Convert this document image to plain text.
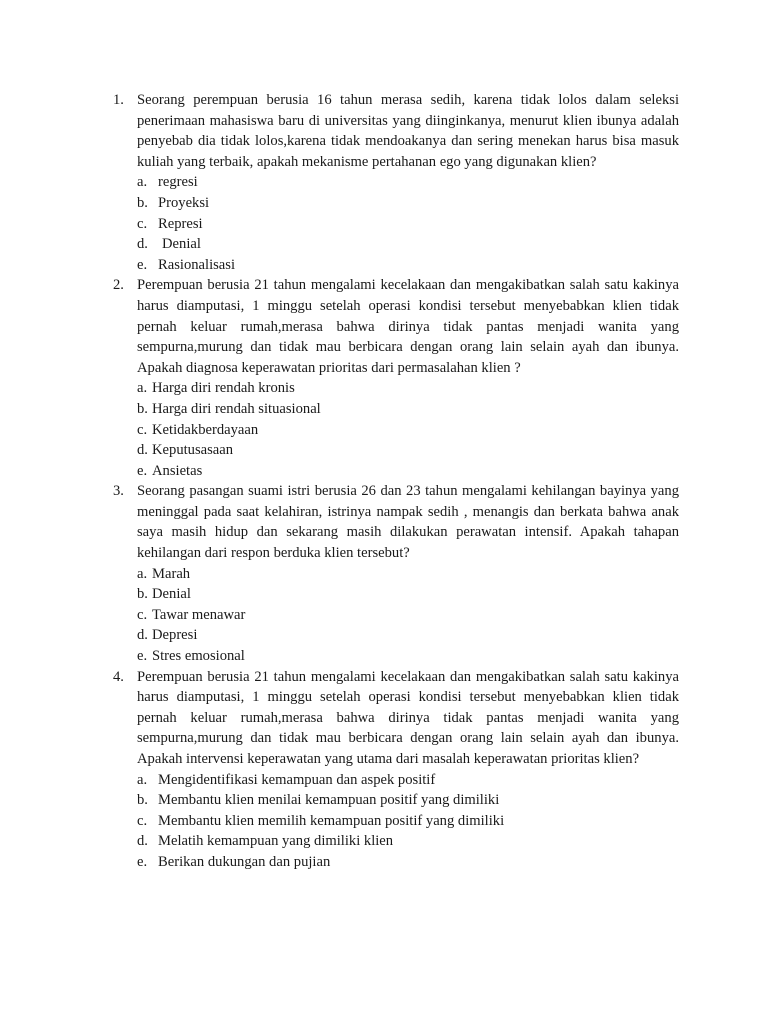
1. Seorang perempuan berusia 16 tahun merasa sedih, karena tidak lolos dalam seleksi penerimaan mahasiswa baru di universitas yang diinginkanya, menurut klien ibunya adalah penyebab dia tidak lolos,karena tidak mendoakanya dan sering menekan harus bisa masuk kuliah yang terbaik, apakah mekanisme pertahanan ego yang digunakan klien?
a. regresi
b. Proyeksi
c. Represi
d. Denial
e. Rasionalisasi
2. Perempuan berusia 21 tahun mengalami kecelakaan dan mengakibatkan salah satu kakinya harus diamputasi, 1 minggu setelah operasi kondisi tersebut menyebabkan klien tidak pernah keluar rumah,merasa bahwa dirinya tidak pantas menjadi wanita yang sempurna,murung dan tidak mau berbicara dengan orang lain selain ayah dan ibunya. Apakah diagnosa keperawatan prioritas dari permasalahan klien ?
a. Harga diri rendah kronis
b. Harga diri rendah situasional
c. Ketidakberdayaan
d. Keputusasaan
e. Ansietas
3. Seorang pasangan suami istri berusia 26 dan 23 tahun mengalami kehilangan bayinya yang meninggal pada saat kelahiran, istrinya nampak sedih , menangis dan berkata bahwa anak saya masih hidup dan sekarang masih dilakukan perawatan intensif. Apakah tahapan kehilangan dari respon berduka klien tersebut?
a. Marah
b. Denial
c. Tawar menawar
d. Depresi
e. Stres emosional
4. Perempuan berusia 21 tahun mengalami kecelakaan dan mengakibatkan salah satu kakinya harus diamputasi, 1 minggu setelah operasi kondisi tersebut menyebabkan klien tidak pernah keluar rumah,merasa bahwa dirinya tidak pantas menjadi wanita yang sempurna,murung dan tidak mau berbicara dengan orang lain selain ayah dan ibunya. Apakah intervensi keperawatan yang utama dari masalah keperawatan prioritas klien?
a. Mengidentifikasi kemampuan dan aspek positif
b. Membantu klien menilai kemampuan positif yang dimiliki
c. Membantu klien memilih kemampuan positif yang dimiliki
d. Melatih kemampuan yang dimiliki klien
e. Berikan dukungan dan pujian
